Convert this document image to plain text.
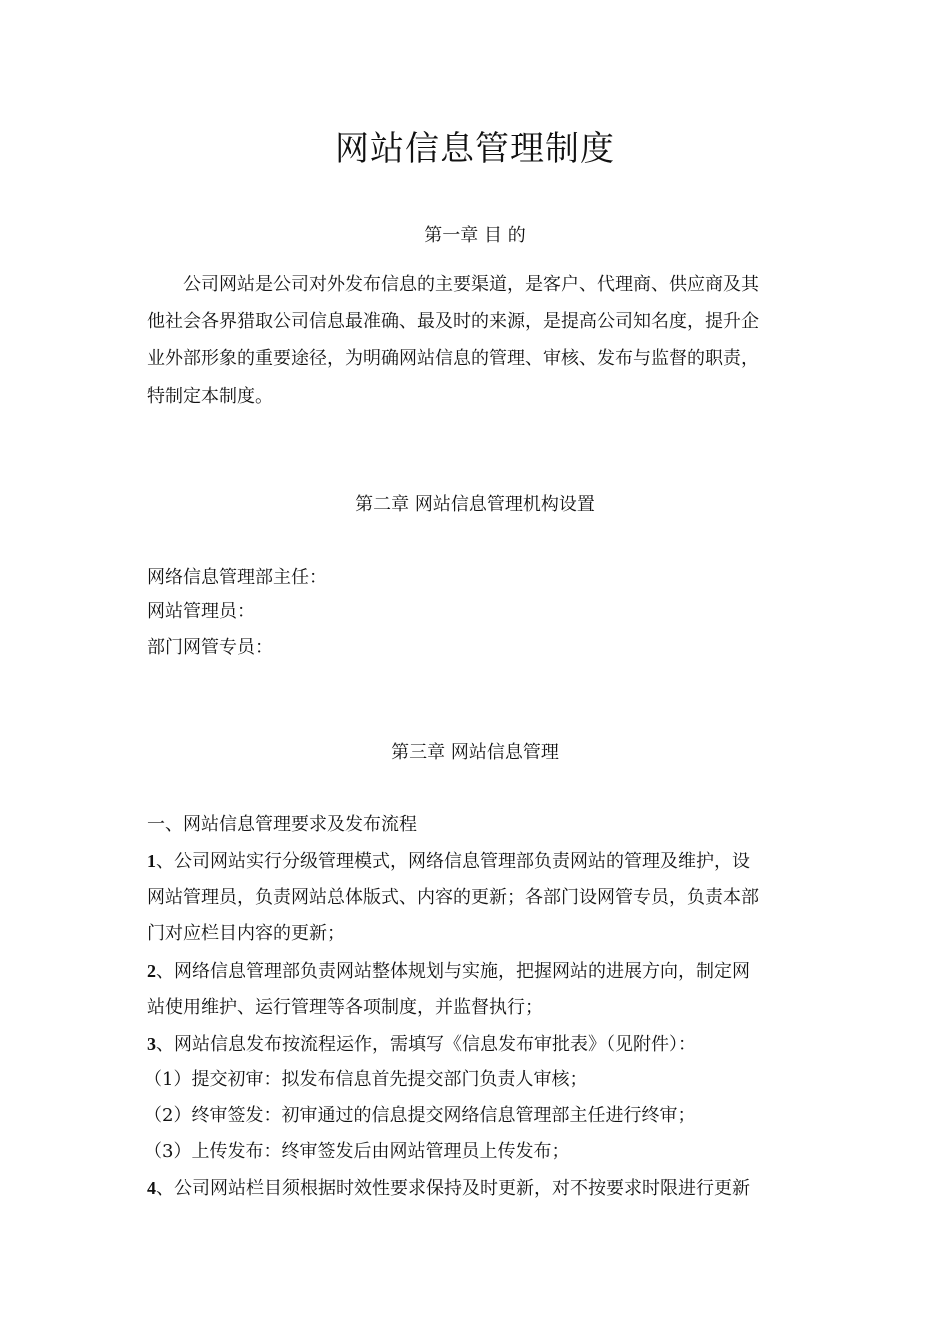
网站信息管理制度
第一章 目 的
公司网站是公司对外发布信息的主要渠道，是客户、代理商、供应商及其
他社会各界猎取公司信息最准确、最及时的来源，是提高公司知名度，提升企
业外部形象的重要途径，为明确网站信息的管理、审核、发布与监督的职责，
特制定本制度。
第二章 网站信息管理机构设置
网络信息管理部主任：
网站管理员：
部门网管专员：
第三章 网站信息管理
一、网站信息管理要求及发布流程
1、公司网站实行分级管理模式，网络信息管理部负责网站的管理及维护，设
网站管理员，负责网站总体版式、内容的更新；各部门设网管专员，负责本部
门对应栏目内容的更新；
2、网络信息管理部负责网站整体规划与实施，把握网站的进展方向，制定网
站使用维护、运行管理等各项制度，并监督执行；
3、网站信息发布按流程运作，需填写《信息发布审批表》（见附件）：
（1）提交初审：拟发布信息首先提交部门负责人审核；
（2）终审签发：初审通过的信息提交网络信息管理部主任进行终审；
（3）上传发布：终审签发后由网站管理员上传发布；
4、公司网站栏目须根据时效性要求保持及时更新，对不按要求时限进行更新
